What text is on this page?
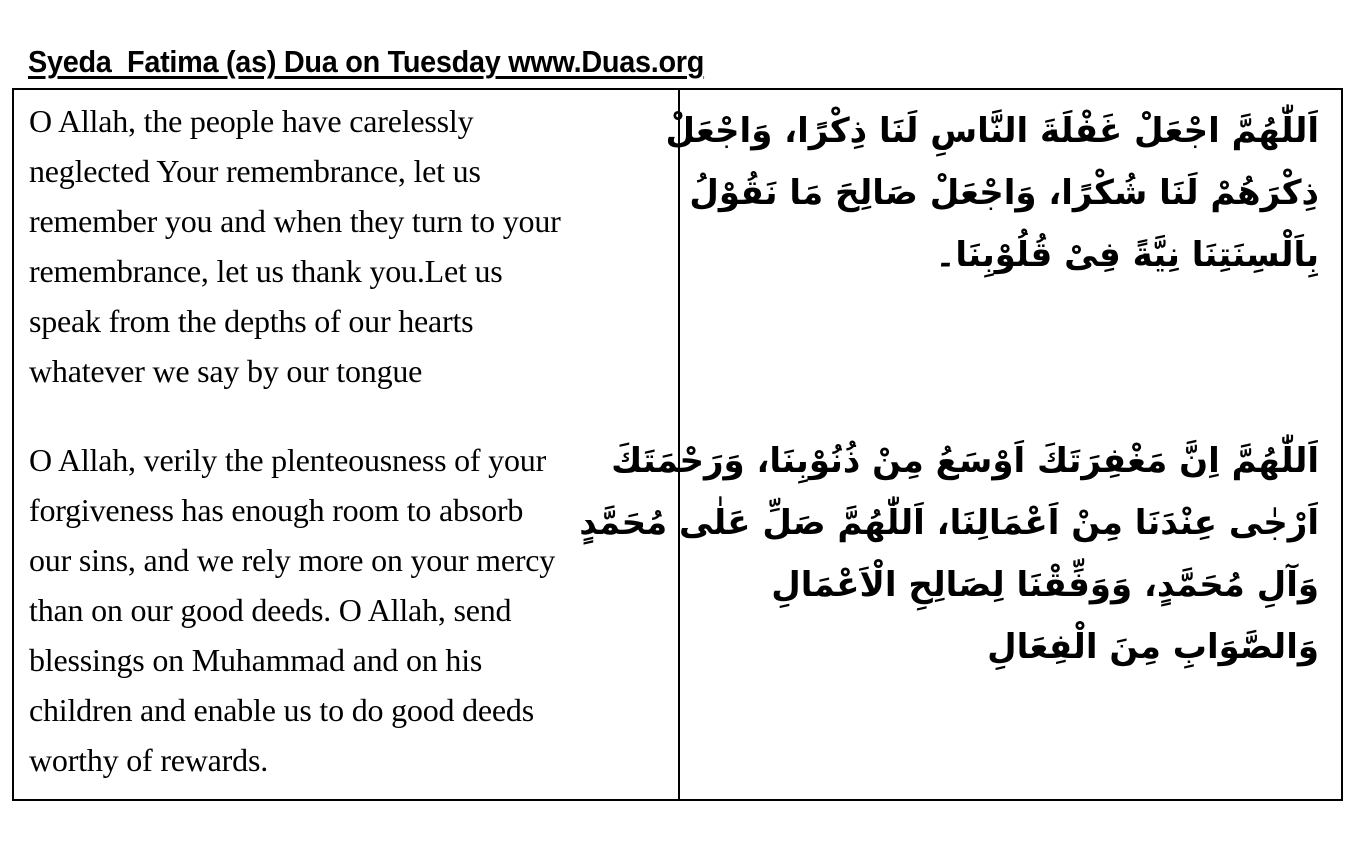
Syeda  Fatima (as) Dua on Tuesday www.Duas.org
O Allah, the people have carelessly
neglected Your remembrance, let us
remember you and when they turn to your
remembrance, let us thank you.Let us
speak from the depths of our hearts
whatever we say by our tongue
O Allah, verily the plenteousness of your
forgiveness has enough room to absorb
our sins, and we rely more on your mercy
than on our good deeds. O Allah, send
blessings on Muhammad and on his
children and enable us to do good deeds
worthy of rewards.
اَللّٰهُمَّ اجْعَلْ غَفْلَةَ النَّاسِ لَنَا ذِكْرًا، وَاجْعَلْ
ذِكْرَهُمْ لَنَا شُكْرًا، وَاجْعَلْ صَالِحَ مَا نَقُوْلُ
بِاَلْسِنَتِنَا نِيَّةً فِىْ قُلُوْبِنَا۔
اَللّٰهُمَّ اِنَّ مَغْفِرَتَكَ اَوْسَعُ مِنْ ذُنُوْبِنَا، وَرَحْمَتَكَ
اَرْجٰى عِنْدَنَا مِنْ اَعْمَالِنَا، اَللّٰهُمَّ صَلِّ عَلٰى مُحَمَّدٍ
وَآلِ مُحَمَّدٍ، وَوَفِّقْنَا لِصَالِحِ الْاَعْمَالِ
وَالصَّوَابِ مِنَ الْفِعَالِ
